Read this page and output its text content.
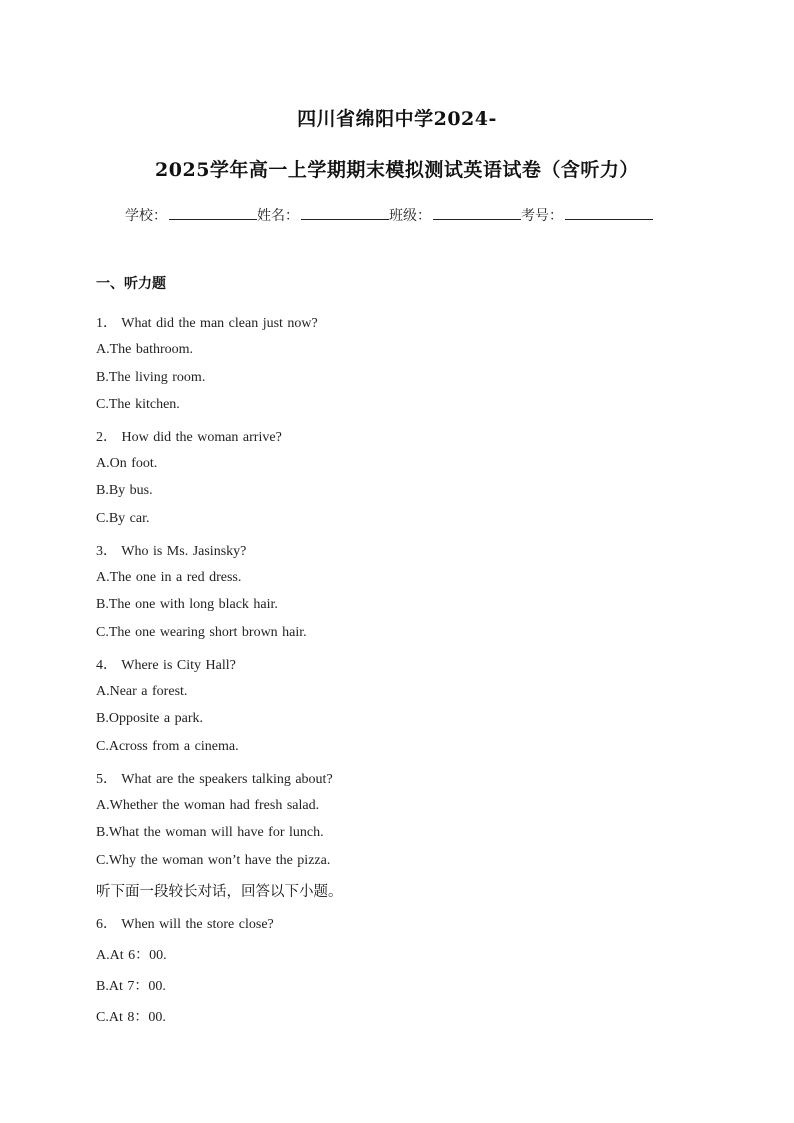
四川省绵阳中学2024-
2025学年高一上学期期末模拟测试英语试卷（含听力）
学校：	姓名：	班级：	考号：
一、听力题
1． What did the man clean just now?
A.The bathroom.
B.The living room.
C.The kitchen.
2． How did the woman arrive?
A.On foot.
B.By bus.
C.By car.
3． Who is Ms. Jasinsky?
A.The one in a red dress.
B.The one with long black hair.
C.The one wearing short brown hair.
4． Where is City Hall?
A.Near a forest.
B.Opposite a park.
C.Across from a cinema.
5． What are the speakers talking about?
A.Whether the woman had fresh salad.
B.What the woman will have for lunch.
C.Why the woman won’t have the pizza.
听下面一段较长对话，回答以下小题。
6． When will the store close?
A.At 6：00.
B.At 7：00.
C.At 8：00.
